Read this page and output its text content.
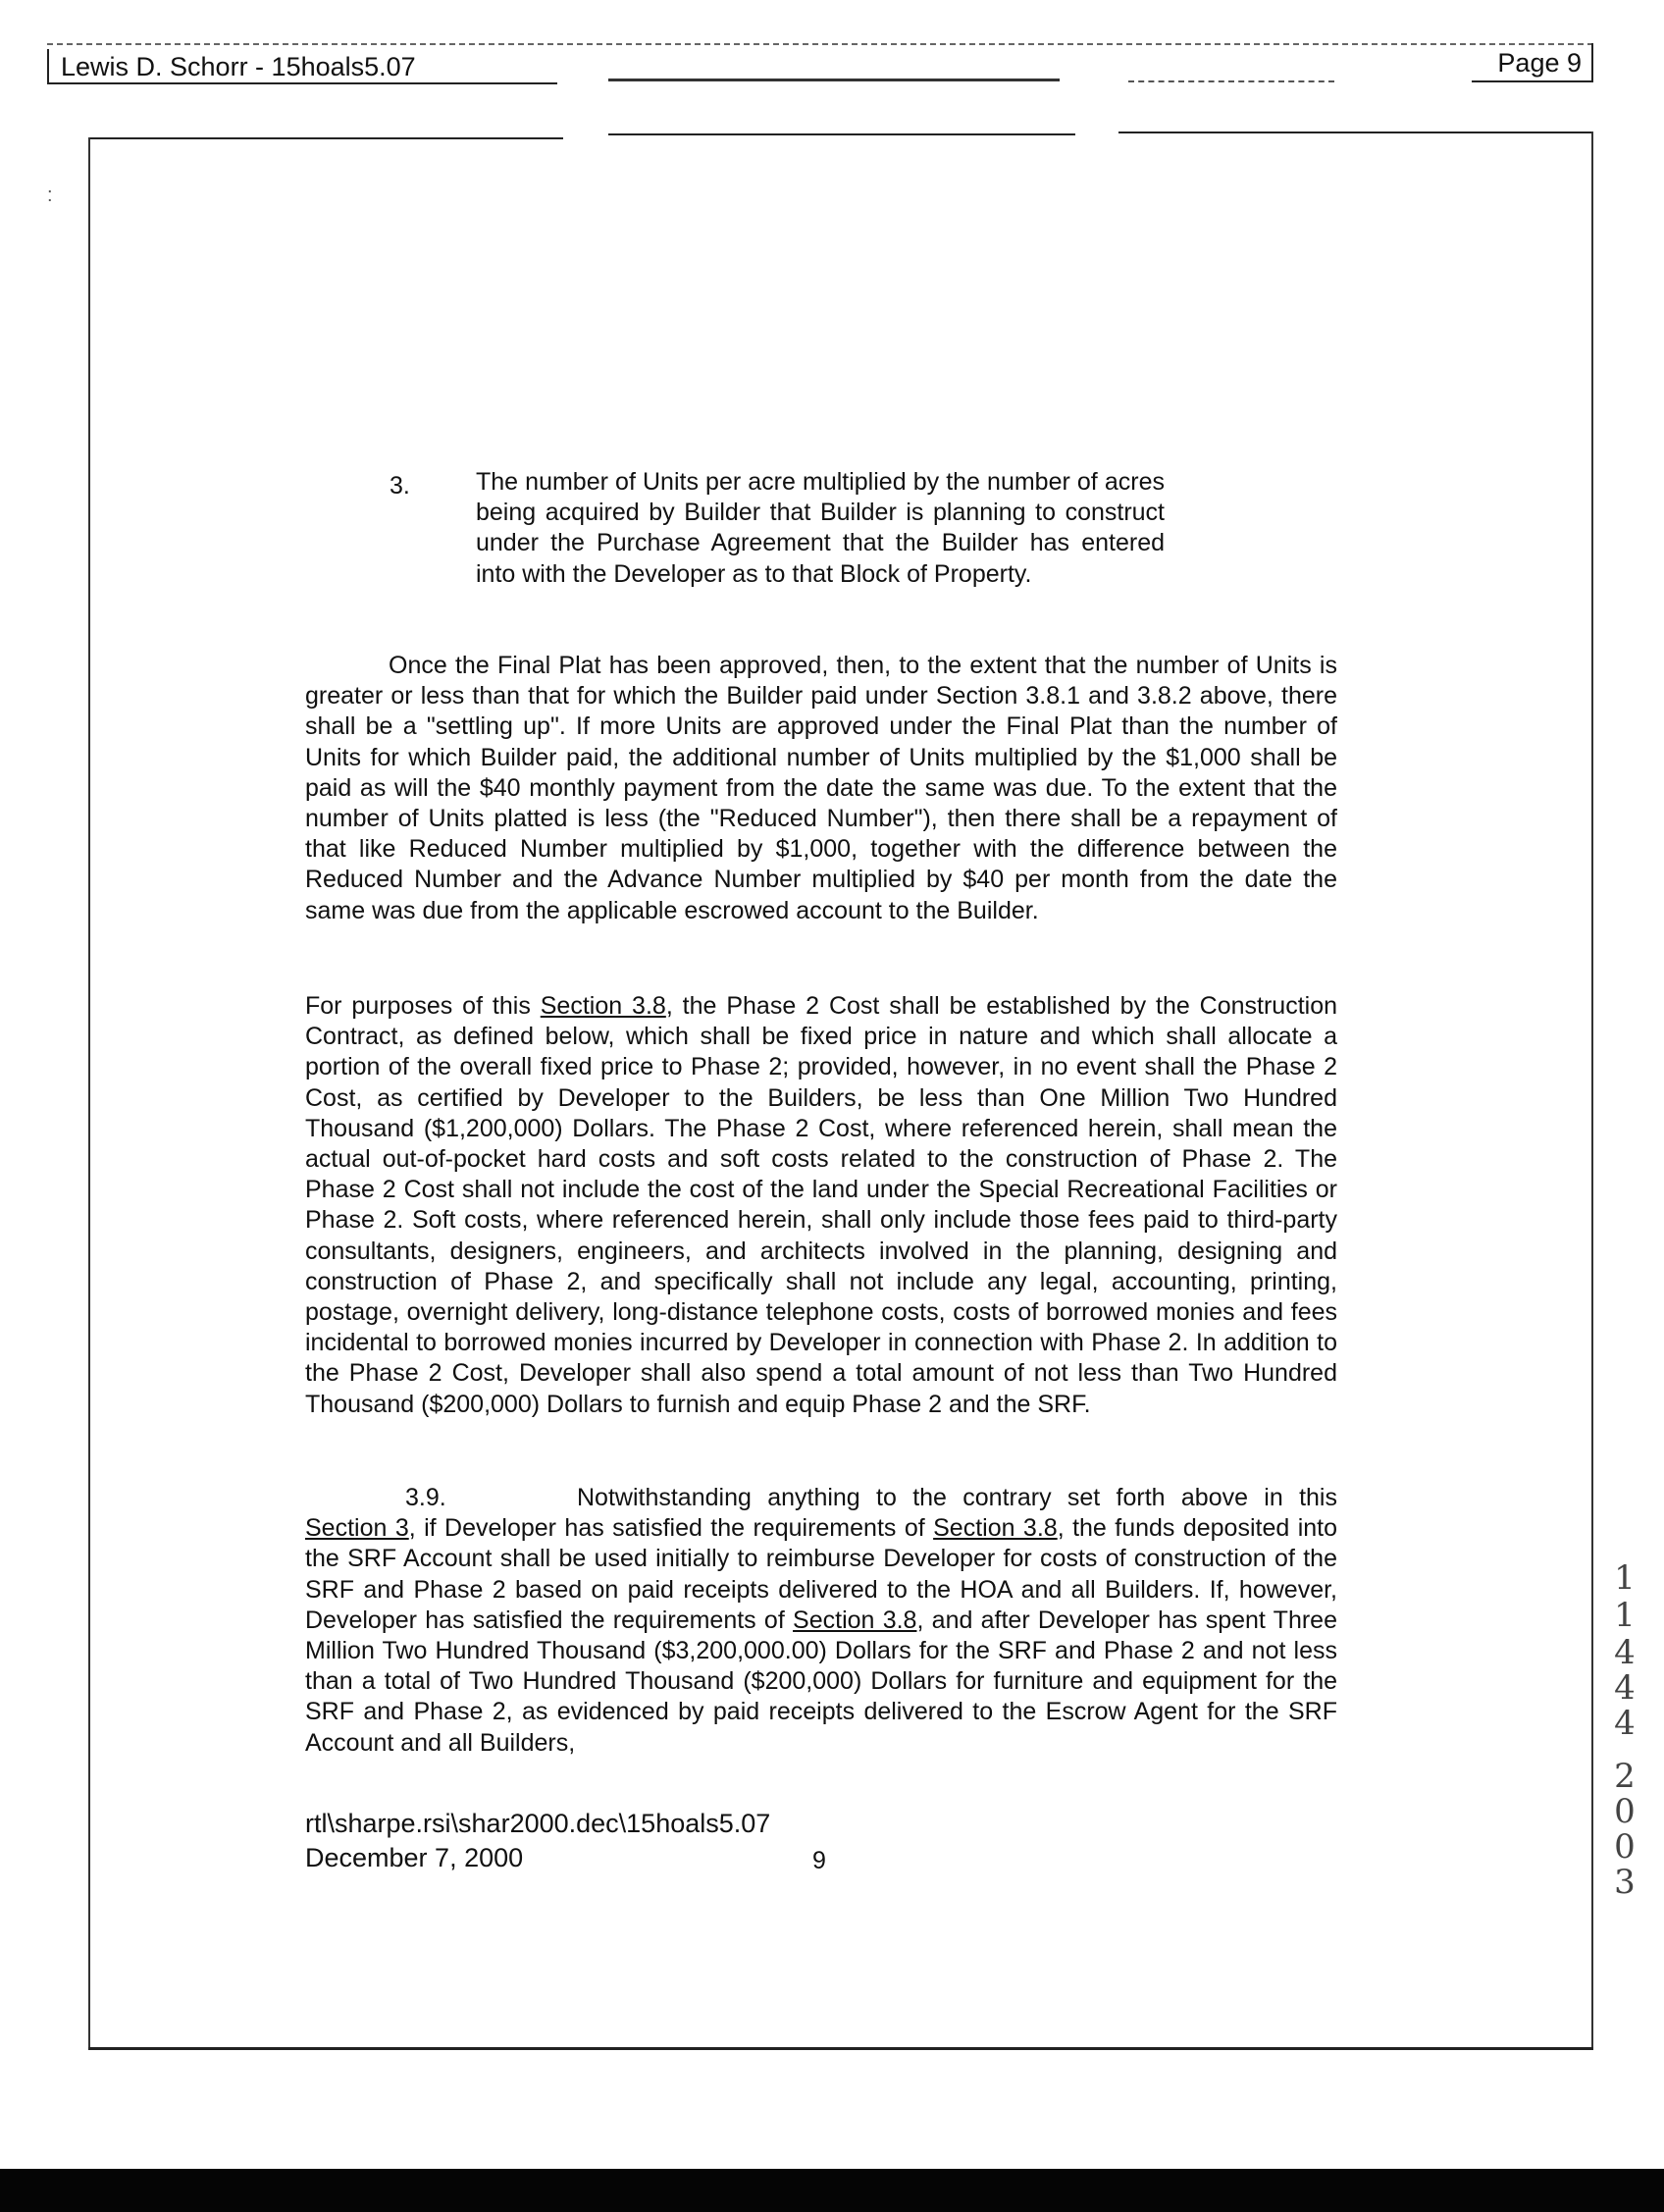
Lewis D. Schorr - 15hoals5.07	Page 9
:
3.	The number of Units per acre multiplied by the number of acres being acquired by Builder that Builder is planning to construct under the Purchase Agreement that the Builder has entered into with the Developer as to that Block of Property.
Once the Final Plat has been approved, then, to the extent that the number of Units is greater or less than that for which the Builder paid under Section 3.8.1 and 3.8.2 above, there shall be a "settling up". If more Units are approved under the Final Plat than the number of Units for which Builder paid, the additional number of Units multiplied by the $1,000 shall be paid as will the $40 monthly payment from the date the same was due. To the extent that the number of Units platted is less (the "Reduced Number"), then there shall be a repayment of that like Reduced Number multiplied by $1,000, together with the difference between the Reduced Number and the Advance Number multiplied by $40 per month from the date the same was due from the applicable escrowed account to the Builder.
For purposes of this Section 3.8, the Phase 2 Cost shall be established by the Construction Contract, as defined below, which shall be fixed price in nature and which shall allocate a portion of the overall fixed price to Phase 2; provided, however, in no event shall the Phase 2 Cost, as certified by Developer to the Builders, be less than One Million Two Hundred Thousand ($1,200,000) Dollars. The Phase 2 Cost, where referenced herein, shall mean the actual out-of-pocket hard costs and soft costs related to the construction of Phase 2. The Phase 2 Cost shall not include the cost of the land under the Special Recreational Facilities or Phase 2. Soft costs, where referenced herein, shall only include those fees paid to third-party consultants, designers, engineers, and architects involved in the planning, designing and construction of Phase 2, and specifically shall not include any legal, accounting, printing, postage, overnight delivery, long-distance telephone costs, costs of borrowed monies and fees incidental to borrowed monies incurred by Developer in connection with Phase 2. In addition to the Phase 2 Cost, Developer shall also spend a total amount of not less than Two Hundred Thousand ($200,000) Dollars to furnish and equip Phase 2 and the SRF.
3.9.	Notwithstanding anything to the contrary set forth above in this Section 3, if Developer has satisfied the requirements of Section 3.8, the funds deposited into the SRF Account shall be used initially to reimburse Developer for costs of construction of the SRF and Phase 2 based on paid receipts delivered to the HOA and all Builders. If, however, Developer has satisfied the requirements of Section 3.8, and after Developer has spent Three Million Two Hundred Thousand ($3,200,000.00) Dollars for the SRF and Phase 2 and not less than a total of Two Hundred Thousand ($200,000) Dollars for furniture and equipment for the SRF and Phase 2, as evidenced by paid receipts delivered to the Escrow Agent for the SRF Account and all Builders,
rtl\sharpe.rsi\shar2000.dec\15hoals5.07
December 7, 2000	9
1
1
4
4
4
2
0
0
3
